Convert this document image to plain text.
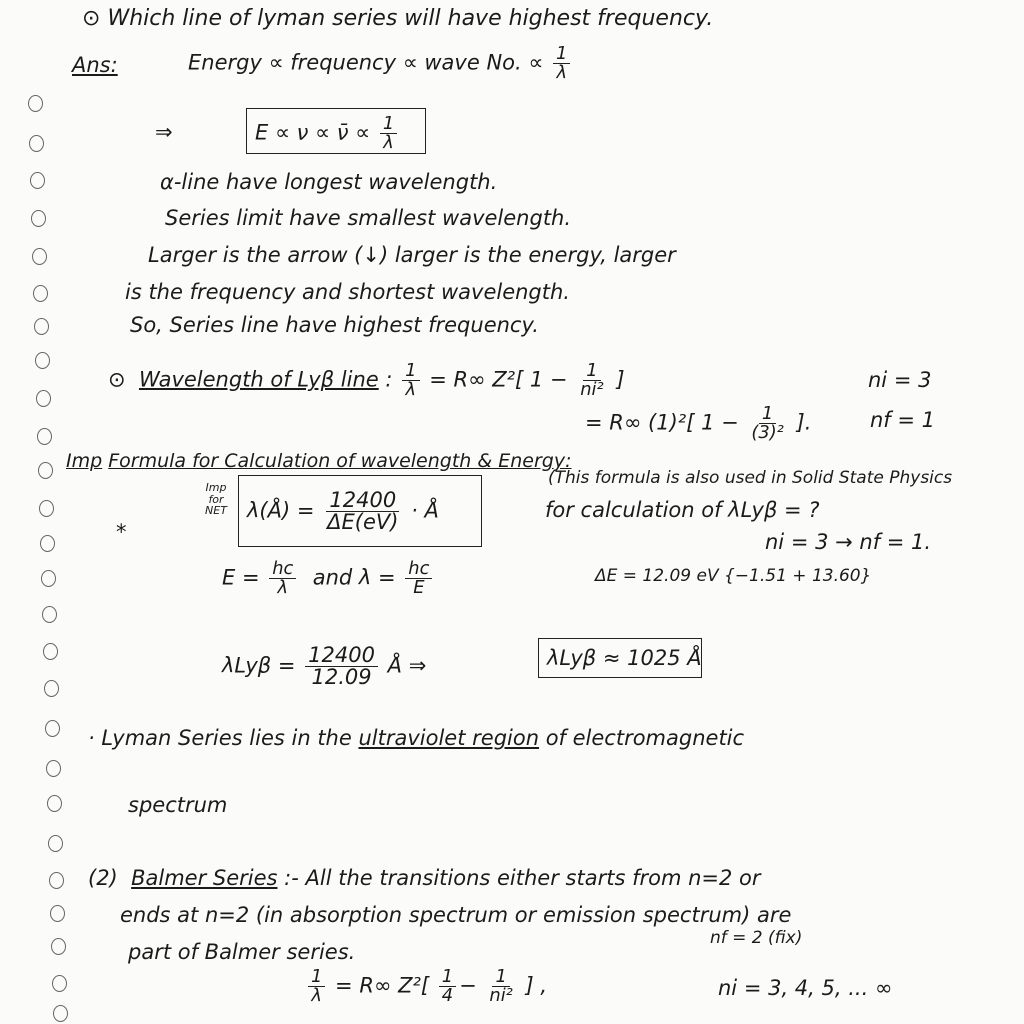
⊙ Which line of lyman series will have highest frequency.
Ans:	Energy ∝ frequency ∝ wave No. ∝ $\frac{1}{\lambda}$
⇒	E ∝ ν ∝ ν̄ ∝ $\frac{1}{\lambda}$
α-line have longest wavelength.
Series limit have smallest wavelength.
Larger is the arrow (↓) larger is the energy, larger
is the frequency and shortest wavelength.
So, Series line have highest frequency.
⊙ Wavelength of Lyβ line : $\frac{1}{\lambda} = R\infty$ Z²[ $1 - \frac{1}{\text{ni²}}$ ]	ni = 3
= R∞ (1)²[ $1 - \frac{1}{\text{(3)²}}$ ].	nf = 1
Imp Formula for Calculation of wavelength & Energy:
(This formula is also used in Solid State Physics
*
Imp for NET λ(Å) = $\frac{12400}{\Delta E(eV)}$ · Å	for calculation of λLyβ = ?
ni = 3 → nf = 1.
$E = \frac{hc}{\lambda}$ and $\lambda = \frac{hc}{E}$	ΔE = 12.09 eV {−1.51 + 13.60}
$\lambda Ly\beta = \frac{12400}{12.09}$ Å ⇒	λLyβ ≈ 1025 Å
· Lyman Series lies in the ultraviolet region of electromagnetic
spectrum
(2) Balmer Series :- All the transitions either starts from n=2 or
ends at n=2 (in absorption spectrum or emission spectrum) are
part of Balmer series.
nf = 2 (fix)
$\frac{1}{\lambda} = R\infty$ $Z^2[ \frac{1}{4} - \frac{1}{\text{ni²}}$ ] ,	ni = 3, 4, 5, ... ∞
